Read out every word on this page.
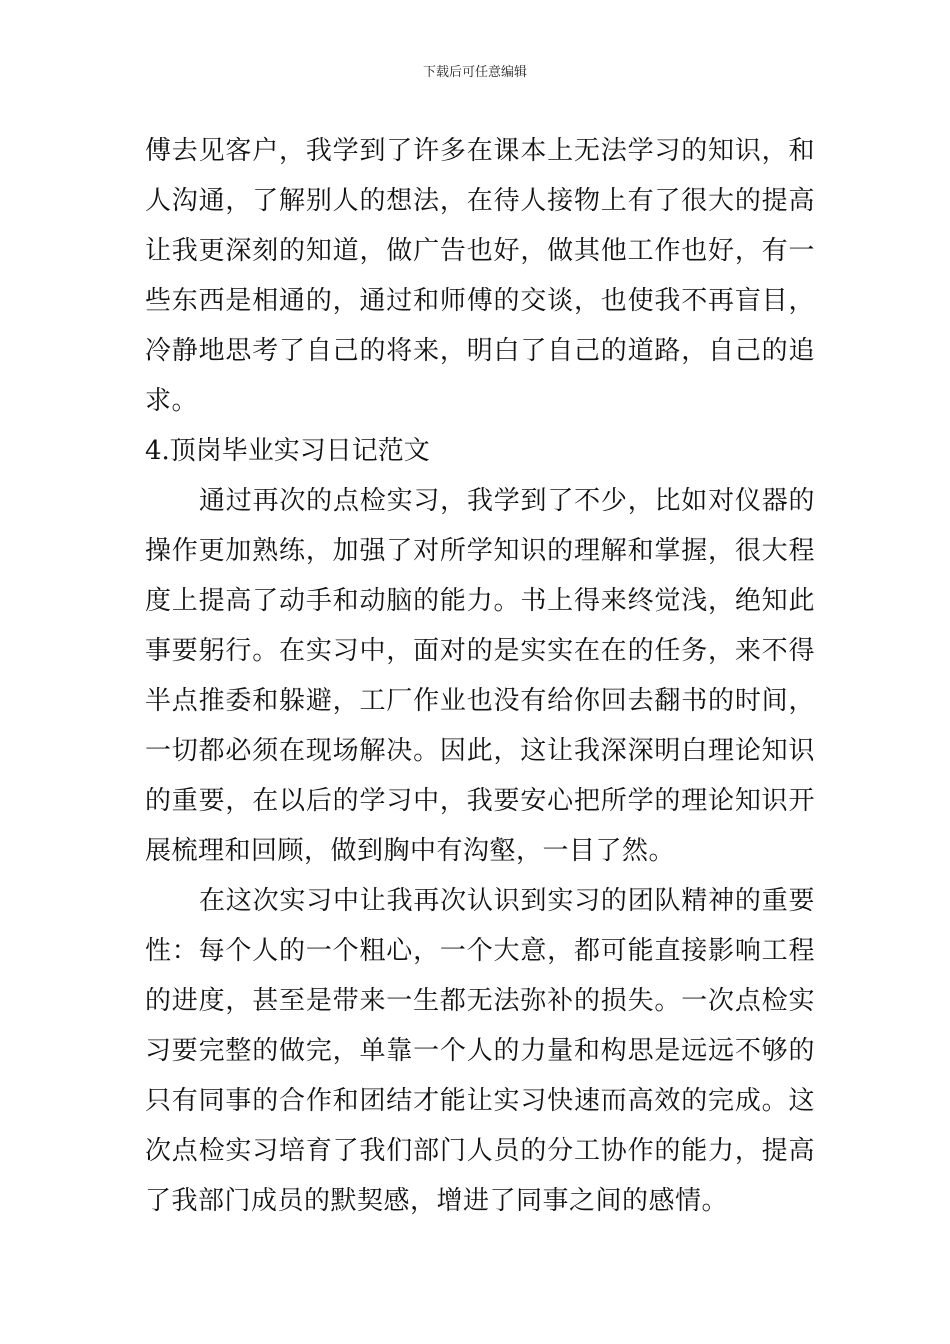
下载后可任意编辑
傅去见客户，我学到了许多在课本上无法学习的知识，和
人沟通，了解别人的想法，在待人接物上有了很大的提高
让我更深刻的知道，做广告也好，做其他工作也好，有一
些东西是相通的，通过和师傅的交谈，也使我不再盲目，
冷静地思考了自己的将来，明白了自己的道路，自己的追
求。
4.顶岗毕业实习日记范文
通过再次的点检实习，我学到了不少，比如对仪器的
操作更加熟练，加强了对所学知识的理解和掌握，很大程
度上提高了动手和动脑的能力。书上得来终觉浅，绝知此
事要躬行。在实习中，面对的是实实在在的任务，来不得
半点推委和躲避，工厂作业也没有给你回去翻书的时间，
一切都必须在现场解决。因此，这让我深深明白理论知识
的重要，在以后的学习中，我要安心把所学的理论知识开
展梳理和回顾，做到胸中有沟壑，一目了然。
在这次实习中让我再次认识到实习的团队精神的重要
性：每个人的一个粗心，一个大意，都可能直接影响工程
的进度，甚至是带来一生都无法弥补的损失。一次点检实
习要完整的做完，单靠一个人的力量和构思是远远不够的
只有同事的合作和团结才能让实习快速而高效的完成。这
次点检实习培育了我们部门人员的分工协作的能力，提高
了我部门成员的默契感，增进了同事之间的感情。
